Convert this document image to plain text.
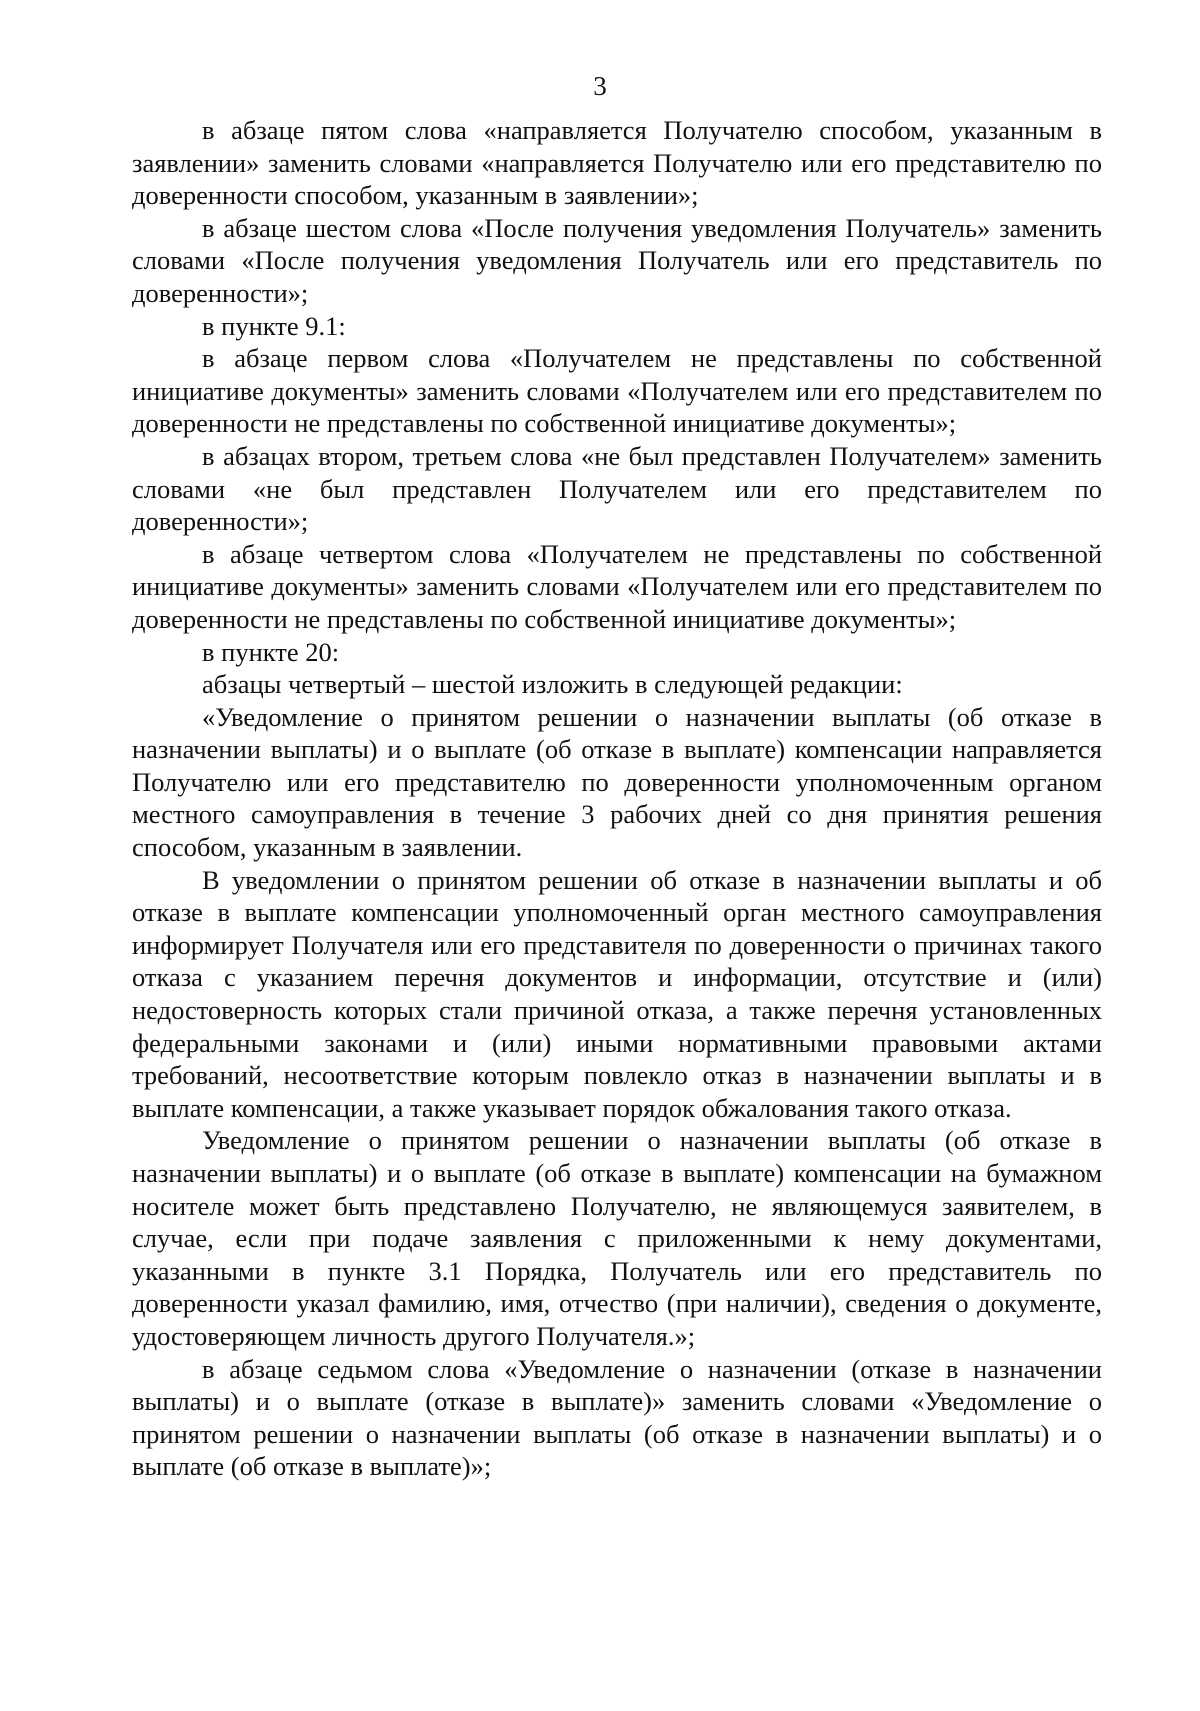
3

в абзаце пятом слова «направляется Получателю способом, указанным в заявлении» заменить словами «направляется Получателю или его представителю по доверенности способом, указанным в заявлении»;

в абзаце шестом слова «После получения уведомления Получатель» заменить словами «После получения уведомления Получатель или его представитель по доверенности»;

в пункте 9.1:

в абзаце первом слова «Получателем не представлены по собственной инициативе документы» заменить словами «Получателем или его представителем по доверенности не представлены по собственной инициативе документы»;

в абзацах втором, третьем слова «не был представлен Получателем» заменить словами «не был представлен Получателем или его представителем по доверенности»;

в абзаце четвертом слова «Получателем не представлены по собственной инициативе документы» заменить словами «Получателем или его представителем по доверенности не представлены по собственной инициативе документы»;

в пункте 20:

абзацы четвертый – шестой изложить в следующей редакции:

«Уведомление о принятом решении о назначении выплаты (об отказе в назначении выплаты) и о выплате (об отказе в выплате) компенсации направляется Получателю или его представителю по доверенности уполномоченным органом местного самоуправления в течение 3 рабочих дней со дня принятия решения способом, указанным в заявлении.

В уведомлении о принятом решении об отказе в назначении выплаты и об отказе в выплате компенсации уполномоченный орган местного самоуправления информирует Получателя или его представителя по доверенности о причинах такого отказа с указанием перечня документов и информации, отсутствие и (или) недостоверность которых стали причиной отказа, а также перечня установленных федеральными законами и (или) иными нормативными правовыми актами требований, несоответствие которым повлекло отказ в назначении выплаты и в выплате компенсации, а также указывает порядок обжалования такого отказа.

Уведомление о принятом решении о назначении выплаты (об отказе в назначении выплаты) и о выплате (об отказе в выплате) компенсации на бумажном носителе может быть представлено Получателю, не являющемуся заявителем, в случае, если при подаче заявления с приложенными к нему документами, указанными в пункте 3.1 Порядка, Получатель или его представитель по доверенности указал фамилию, имя, отчество (при наличии), сведения о документе, удостоверяющем личность другого Получателя.»;

в абзаце седьмом слова «Уведомление о назначении (отказе в назначении выплаты) и о выплате (отказе в выплате)» заменить словами «Уведомление о принятом решении о назначении выплаты (об отказе в назначении выплаты) и о выплате (об отказе в выплате)»;
